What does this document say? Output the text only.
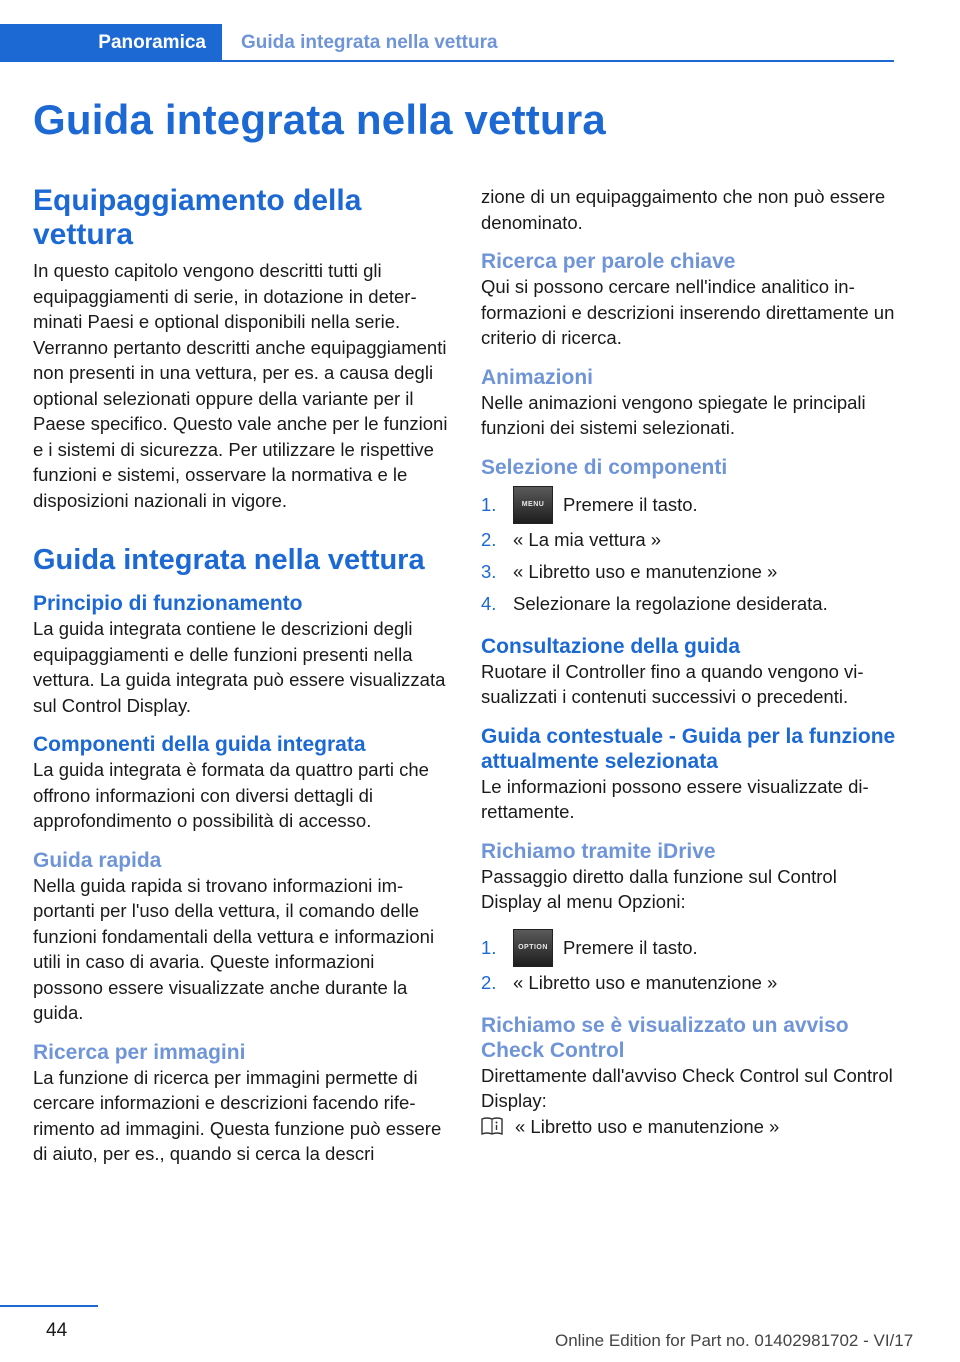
Panoramica Guida integrata nella vettura
Guida integrata nella vettura
Equipaggiamento della vettura

In questo capitolo vengono descritti tutti gli equipaggiamenti di serie, in dotazione in determinati Paesi e optional disponibili nella serie. Verranno pertanto descritti anche equipaggiamenti non presenti in una vettura, per es. a causa degli optional selezionati oppure della variante per il Paese specifico. Questo vale anche per le funzioni e i sistemi di sicurezza. Per utilizzare le rispettive funzioni e sistemi, osservare la normativa e le disposizioni nazionali in vigore.

Guida integrata nella vettura
Principio di funzionamento

La guida integrata contiene le descrizioni degli equipaggiamenti e delle funzioni presenti nella vettura. La guida integrata può essere visualizzata sul Control Display.

Componenti della guida integrata

La guida integrata è formata da quattro parti che offrono informazioni con diversi dettagli di approfondimento o possibilità di accesso.

Guida rapida

Nella guida rapida si trovano informazioni importanti per l'uso della vettura, il comando delle funzioni fondamentali della vettura e informazioni utili in caso di avaria. Queste informazioni possono essere visualizzate anche durante la guida.

Ricerca per immagini

La funzione di ricerca per immagini permette di cercare informazioni e descrizioni facendo riferimento ad immagini. Questa funzione può essere di aiuto, per es., quando si cerca la descri

zione di un equipaggaimento che non può essere denominato.

Ricerca per parole chiave

Qui si possono cercare nell'indice analitico informazioni e descrizioni inserendo direttamente un criterio di ricerca.

Animazioni

Nelle animazioni vengono spiegate le principali funzioni dei sistemi selezionati.

Selezione di componenti
1.	MENU	Premere il tasto.
2. « La mia vettura »
3. « Libretto uso e manutenzione »
4. Selezionare la regolazione desiderata.
Consultazione della guida

Ruotare il Controller fino a quando vengono visualizzati i contenuti successivi o precedenti.

Guida contestuale - Guida per la funzione attualmente selezionata

Le informazioni possono essere visualizzate direttamente.

Richiamo tramite iDrive

Passaggio diretto dalla funzione sul Control Display al menu Opzioni:

1.	OPTION Premere il tasto.
2. « Libretto uso e manutenzione »
Richiamo se è visualizzato un avviso Check Control

Direttamente dall'avviso Check Control sul Control Display:

« Libretto uso e manutenzione »
44	Online Edition for Part no. 01402981702 - VI/17
